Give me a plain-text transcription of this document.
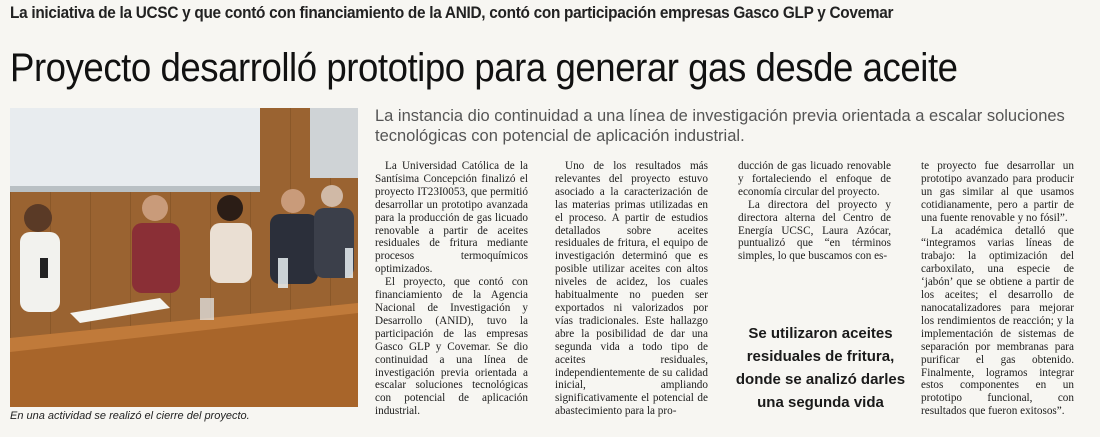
La iniciativa de la UCSC y que contó con financiamiento de la ANID, contó con participación empresas Gasco GLP y Covemar
Proyecto desarrolló prototipo para generar gas desde aceite
En una actividad se realizó el cierre del proyecto.
La instancia dio continuidad a una línea de investigación previa orientada a escalar soluciones tecnológicas con potencial de aplicación industrial.

La Universidad Católica de la Santísima Concepción finalizó el proyecto IT23I0053, que permitió desarrollar un prototipo avanzada para la producción de gas licuado renovable a partir de aceites residuales de fritura mediante procesos termoquímicos optimizados.

El proyecto, que contó con financiamiento de la Agencia Nacional de Investigación y Desarrollo (ANID), tuvo la participación de las empresas Gasco GLP y Covemar. Se dio continuidad a una línea de investigación previa orientada a escalar soluciones tecnológicas con potencial de aplicación industrial.

Uno de los resultados más relevantes del proyecto estuvo asociado a la caracterización de las materias primas utilizadas en el proceso. A partir de estudios detallados sobre aceites residuales de fritura, el equipo de investigación determinó que es posible utilizar aceites con altos niveles de acidez, los cuales habitualmente no pueden ser exportados ni valorizados por vías tradicionales. Este hallazgo abre la posibilidad de dar una segunda vida a todo tipo de aceites residuales, independientemente de su calidad inicial, ampliando significativamente el potencial de abastecimiento para la pro-

ducción de gas licuado renovable y fortaleciendo el enfoque de economía circular del proyecto.

La directora del proyecto y directora alterna del Centro de Energía UCSC, Laura Azócar, puntualizó que “en términos simples, lo que buscamos con es-

Se utilizaron aceites residuales de fritura, donde se analizó darles una segunda vida

te proyecto fue desarrollar un prototipo avanzado para producir un gas similar al que usamos cotidianamente, pero a partir de una fuente renovable y no fósil”.

La académica detalló que “integramos varias líneas de trabajo: la optimización del carboxilato, una especie de ‘jabón’ que se obtiene a partir de los aceites; el desarrollo de nanocatalizadores para mejorar los rendimientos de reacción; y la implementación de sistemas de separación por membranas para purificar el gas obtenido. Finalmente, logramos integrar estos componentes en un prototipo funcional, con resultados que fueron exitosos”.
